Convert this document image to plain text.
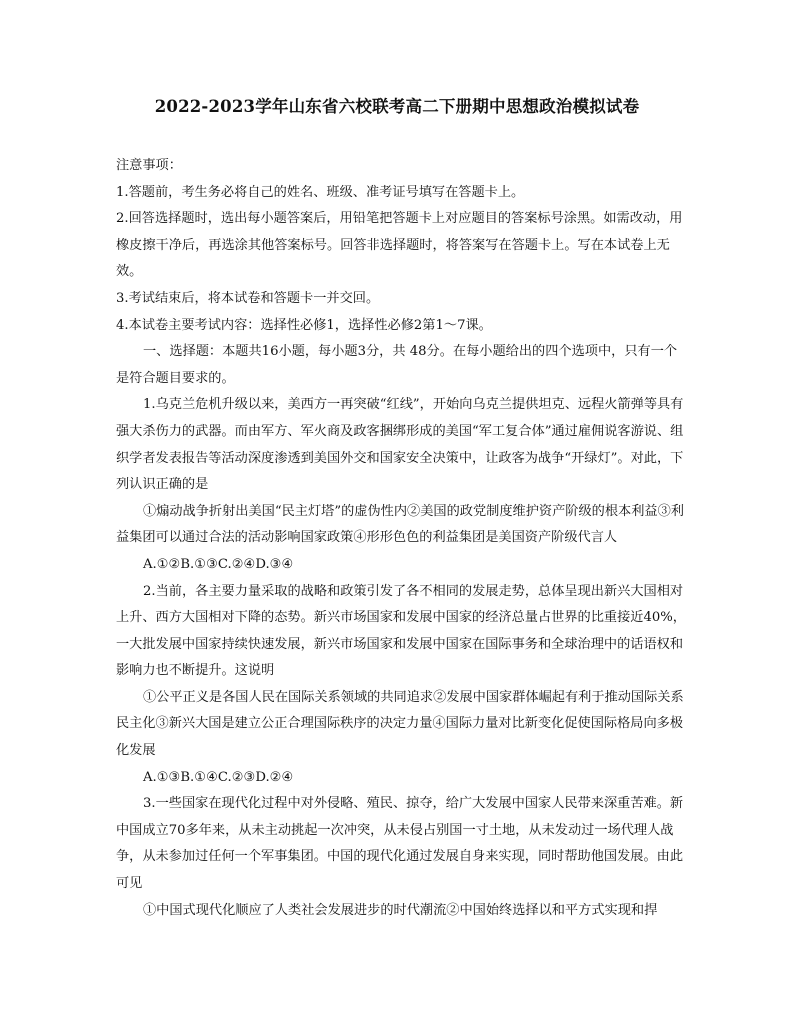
2022-2023学年山东省六校联考高二下册期中思想政治模拟试卷

注意事项：

1.答题前，考生务必将自己的姓名、班级、准考证号填写在答题卡上。

2.回答选择题时，选出每小题答案后，用铅笔把答题卡上对应题目的答案标号涂黑。如需改动，用橡皮擦干净后，再选涂其他答案标号。回答非选择题时，将答案写在答题卡上。写在本试卷上无效。

3.考试结束后，将本试卷和答题卡一并交回。

4.本试卷主要考试内容：选择性必修1，选择性必修2第1～7课。

一、选择题：本题共16小题，每小题3分，共 48分。在每小题给出的四个选项中，只有一个是符合题目要求的。

1.乌克兰危机升级以来，美西方一再突破“红线”，开始向乌克兰提供坦克、远程火箭弹等具有强大杀伤力的武器。而由军方、军火商及政客捆绑形成的美国“军工复合体”通过雇佣说客游说、组织学者发表报告等活动深度渗透到美国外交和国家安全决策中，让政客为战争“开绿灯”。对此，下列认识正确的是

①煽动战争折射出美国“民主灯塔”的虚伪性内②美国的政党制度维护资产阶级的根本利益③利益集团可以通过合法的活动影响国家政策④形形色色的利益集团是美国资产阶级代言人

A.①②B.①③C.②④D.③④

2.当前，各主要力量采取的战略和政策引发了各不相同的发展走势，总体呈现出新兴大国相对上升、西方大国相对下降的态势。新兴市场国家和发展中国家的经济总量占世界的比重接近40%，一大批发展中国家持续快速发展，新兴市场国家和发展中国家在国际事务和全球治理中的话语权和影响力也不断提升。这说明

①公平正义是各国人民在国际关系领域的共同追求②发展中国家群体崛起有利于推动国际关系民主化③新兴大国是建立公正合理国际秩序的决定力量④国际力量对比新变化促使国际格局向多极化发展

A.①③B.①④C.②③D.②④

3.一些国家在现代化过程中对外侵略、殖民、掠夺，给广大发展中国家人民带来深重苦难。新中国成立70多年来，从未主动挑起一次冲突，从未侵占别国一寸土地，从未发动过一场代理人战争，从未参加过任何一个军事集团。中国的现代化通过发展自身来实现，同时帮助他国发展。由此可见

①中国式现代化顺应了人类社会发展进步的时代潮流②中国始终选择以和平方式实现和捍
